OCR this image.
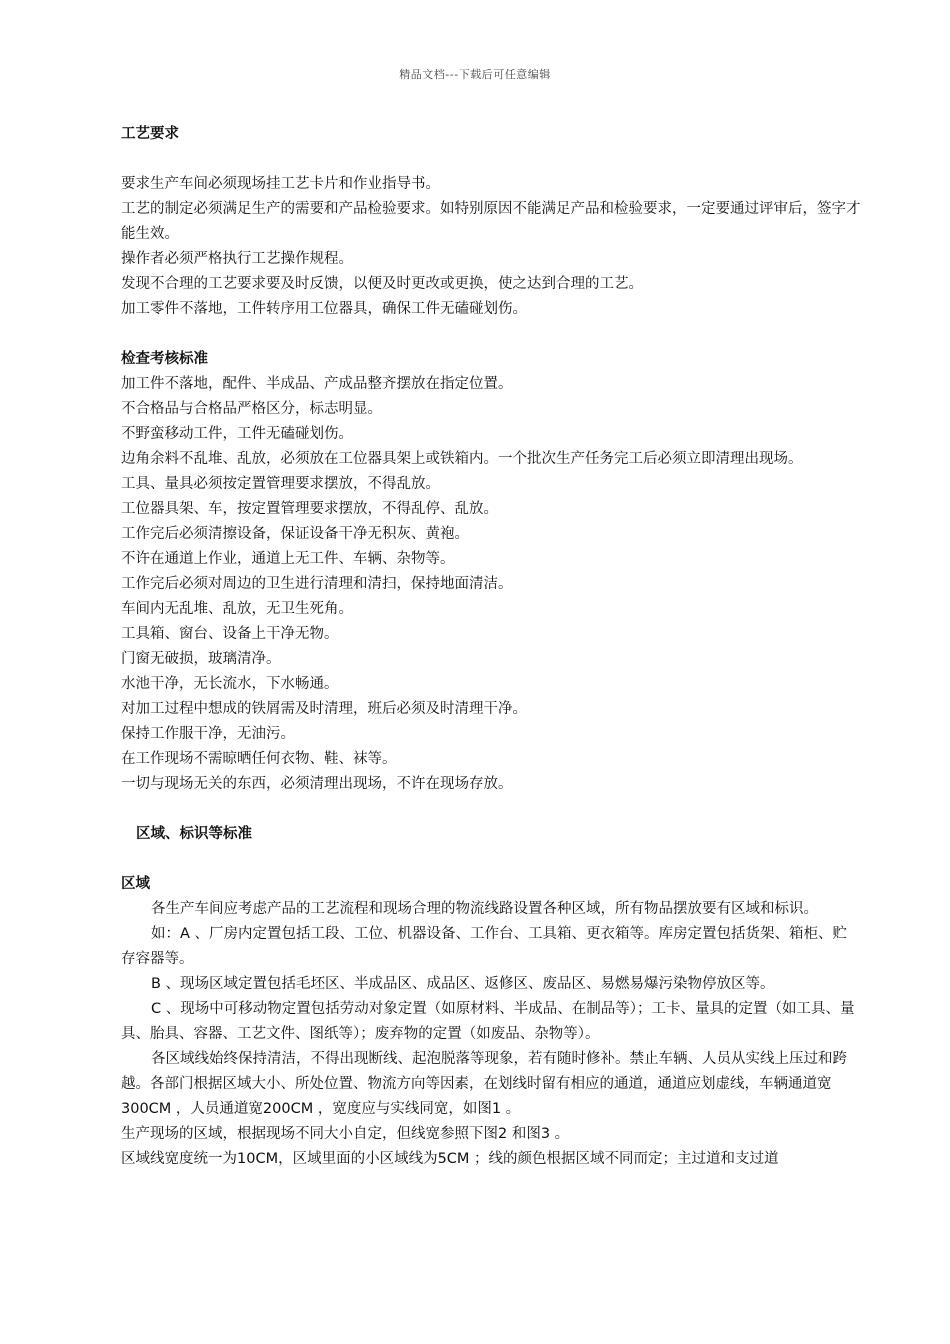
精品文档---下载后可任意编辑

工艺要求

要求生产车间必须现场挂工艺卡片和作业指导书。

工艺的制定必须满足生产的需要和产品检验要求。如特别原因不能满足产品和检验要求，一定要通过评审后，签字才能生效。

操作者必须严格执行工艺操作规程。

发现不合理的工艺要求要及时反馈，以便及时更改或更换，使之达到合理的工艺。

加工零件不落地，工件转序用工位器具，确保工件无磕碰划伤。

检查考核标准

加工件不落地，配件、半成品、产成品整齐摆放在指定位置。

不合格品与合格品严格区分，标志明显。

不野蛮移动工件，工件无磕碰划伤。

边角余料不乱堆、乱放，必须放在工位器具架上或铁箱内。一个批次生产任务完工后必须立即清理出现场。

工具、量具必须按定置管理要求摆放，不得乱放。

工位器具架、车，按定置管理要求摆放，不得乱停、乱放。

工作完后必须清擦设备，保证设备干净无积灰、黄袍。

不许在通道上作业，通道上无工件、车辆、杂物等。

工作完后必须对周边的卫生进行清理和清扫，保持地面清洁。

车间内无乱堆、乱放，无卫生死角。

工具箱、窗台、设备上干净无物。

门窗无破损，玻璃清净。

水池干净，无长流水，下水畅通。

对加工过程中想成的铁屑需及时清理，班后必须及时清理干净。

保持工作服干净，无油污。

在工作现场不需晾晒任何衣物、鞋、袜等。

一切与现场无关的东西，必须清理出现场，不许在现场存放。

区域、标识等标准

区域

各生产车间应考虑产品的工艺流程和现场合理的物流线路设置各种区域，所有物品摆放要有区域和标识。

如：A 、厂房内定置包括工段、工位、机器设备、工作台、工具箱、更衣箱等。库房定置包括货架、箱柜、贮存容器等。

B 、现场区域定置包括毛坯区、半成品区、成品区、返修区、废品区、易燃易爆污染物停放区等。

C 、现场中可移动物定置包括劳动对象定置（如原材料、半成品、在制品等）；工卡、量具的定置（如工具、量具、胎具、容器、工艺文件、图纸等）；废弃物的定置（如废品、杂物等）。

各区域线始终保持清洁，不得出现断线、起泡脱落等现象，若有随时修补。禁止车辆、人员从实线上压过和跨越。各部门根据区域大小、所处位置、物流方向等因素，在划线时留有相应的通道，通道应划虚线，车辆通道宽300CM ，人员通道宽200CM ，宽度应与实线同宽，如图1 。

生产现场的区域，根据现场不同大小自定，但线宽参照下图2 和图3 。

区域线宽度统一为10CM，区域里面的小区域线为5CM ；线的颜色根据区域不同而定；主过道和支过道
